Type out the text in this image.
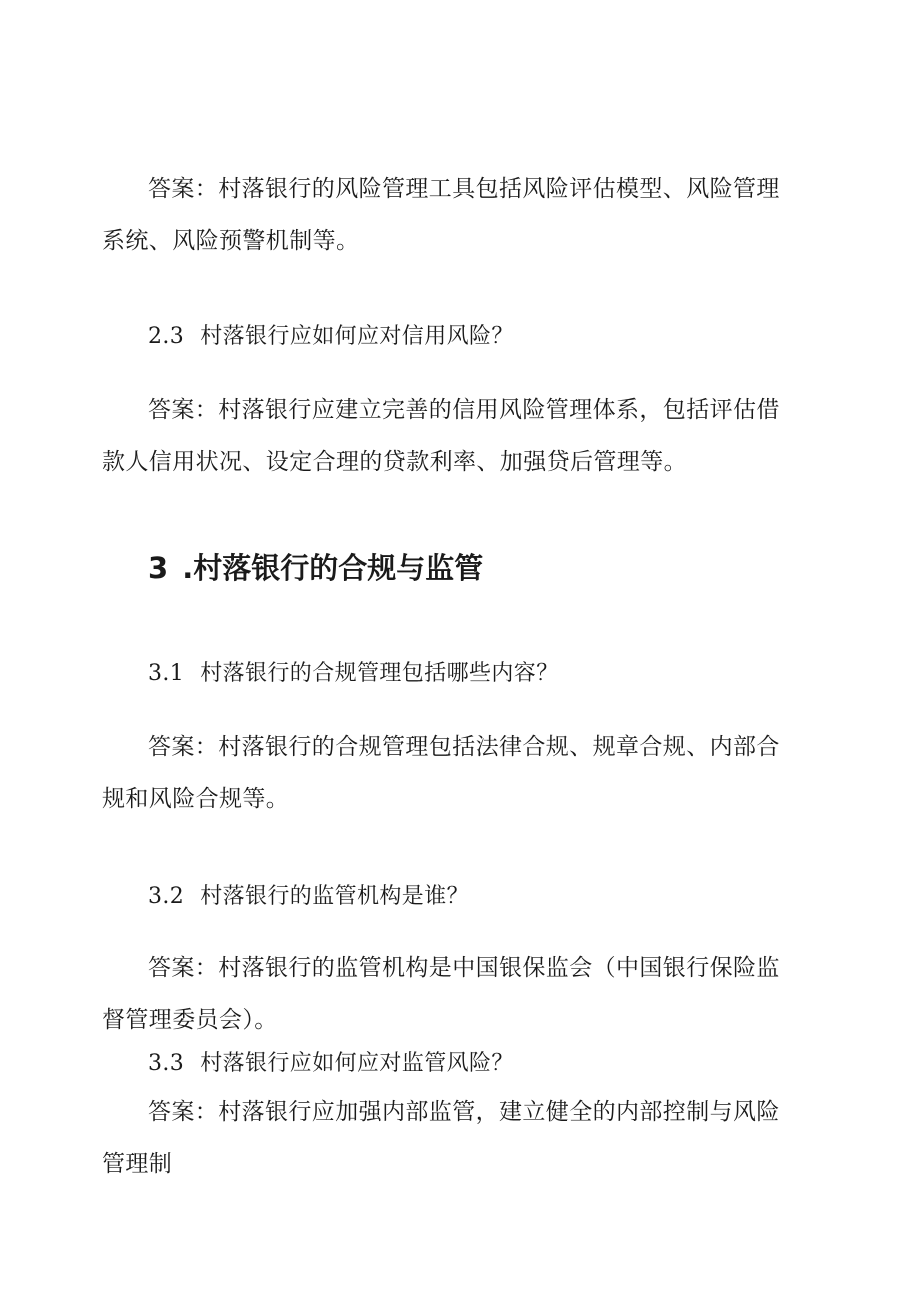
答案：村落银行的风险管理工具包括风险评估模型、风险管理系统、风险预警机制等。

2.3 村落银行应如何应对信用风险？

答案：村落银行应建立完善的信用风险管理体系，包括评估借款人信用状况、设定合理的贷款利率、加强贷后管理等。

3 .村落银行的合规与监管

3.1 村落银行的合规管理包括哪些内容？

答案：村落银行的合规管理包括法律合规、规章合规、内部合规和风险合规等。

3.2 村落银行的监管机构是谁？

答案：村落银行的监管机构是中国银保监会（中国银行保险监督管理委员会）。

3.3 村落银行应如何应对监管风险？

答案：村落银行应加强内部监管，建立健全的内部控制与风险管理制
